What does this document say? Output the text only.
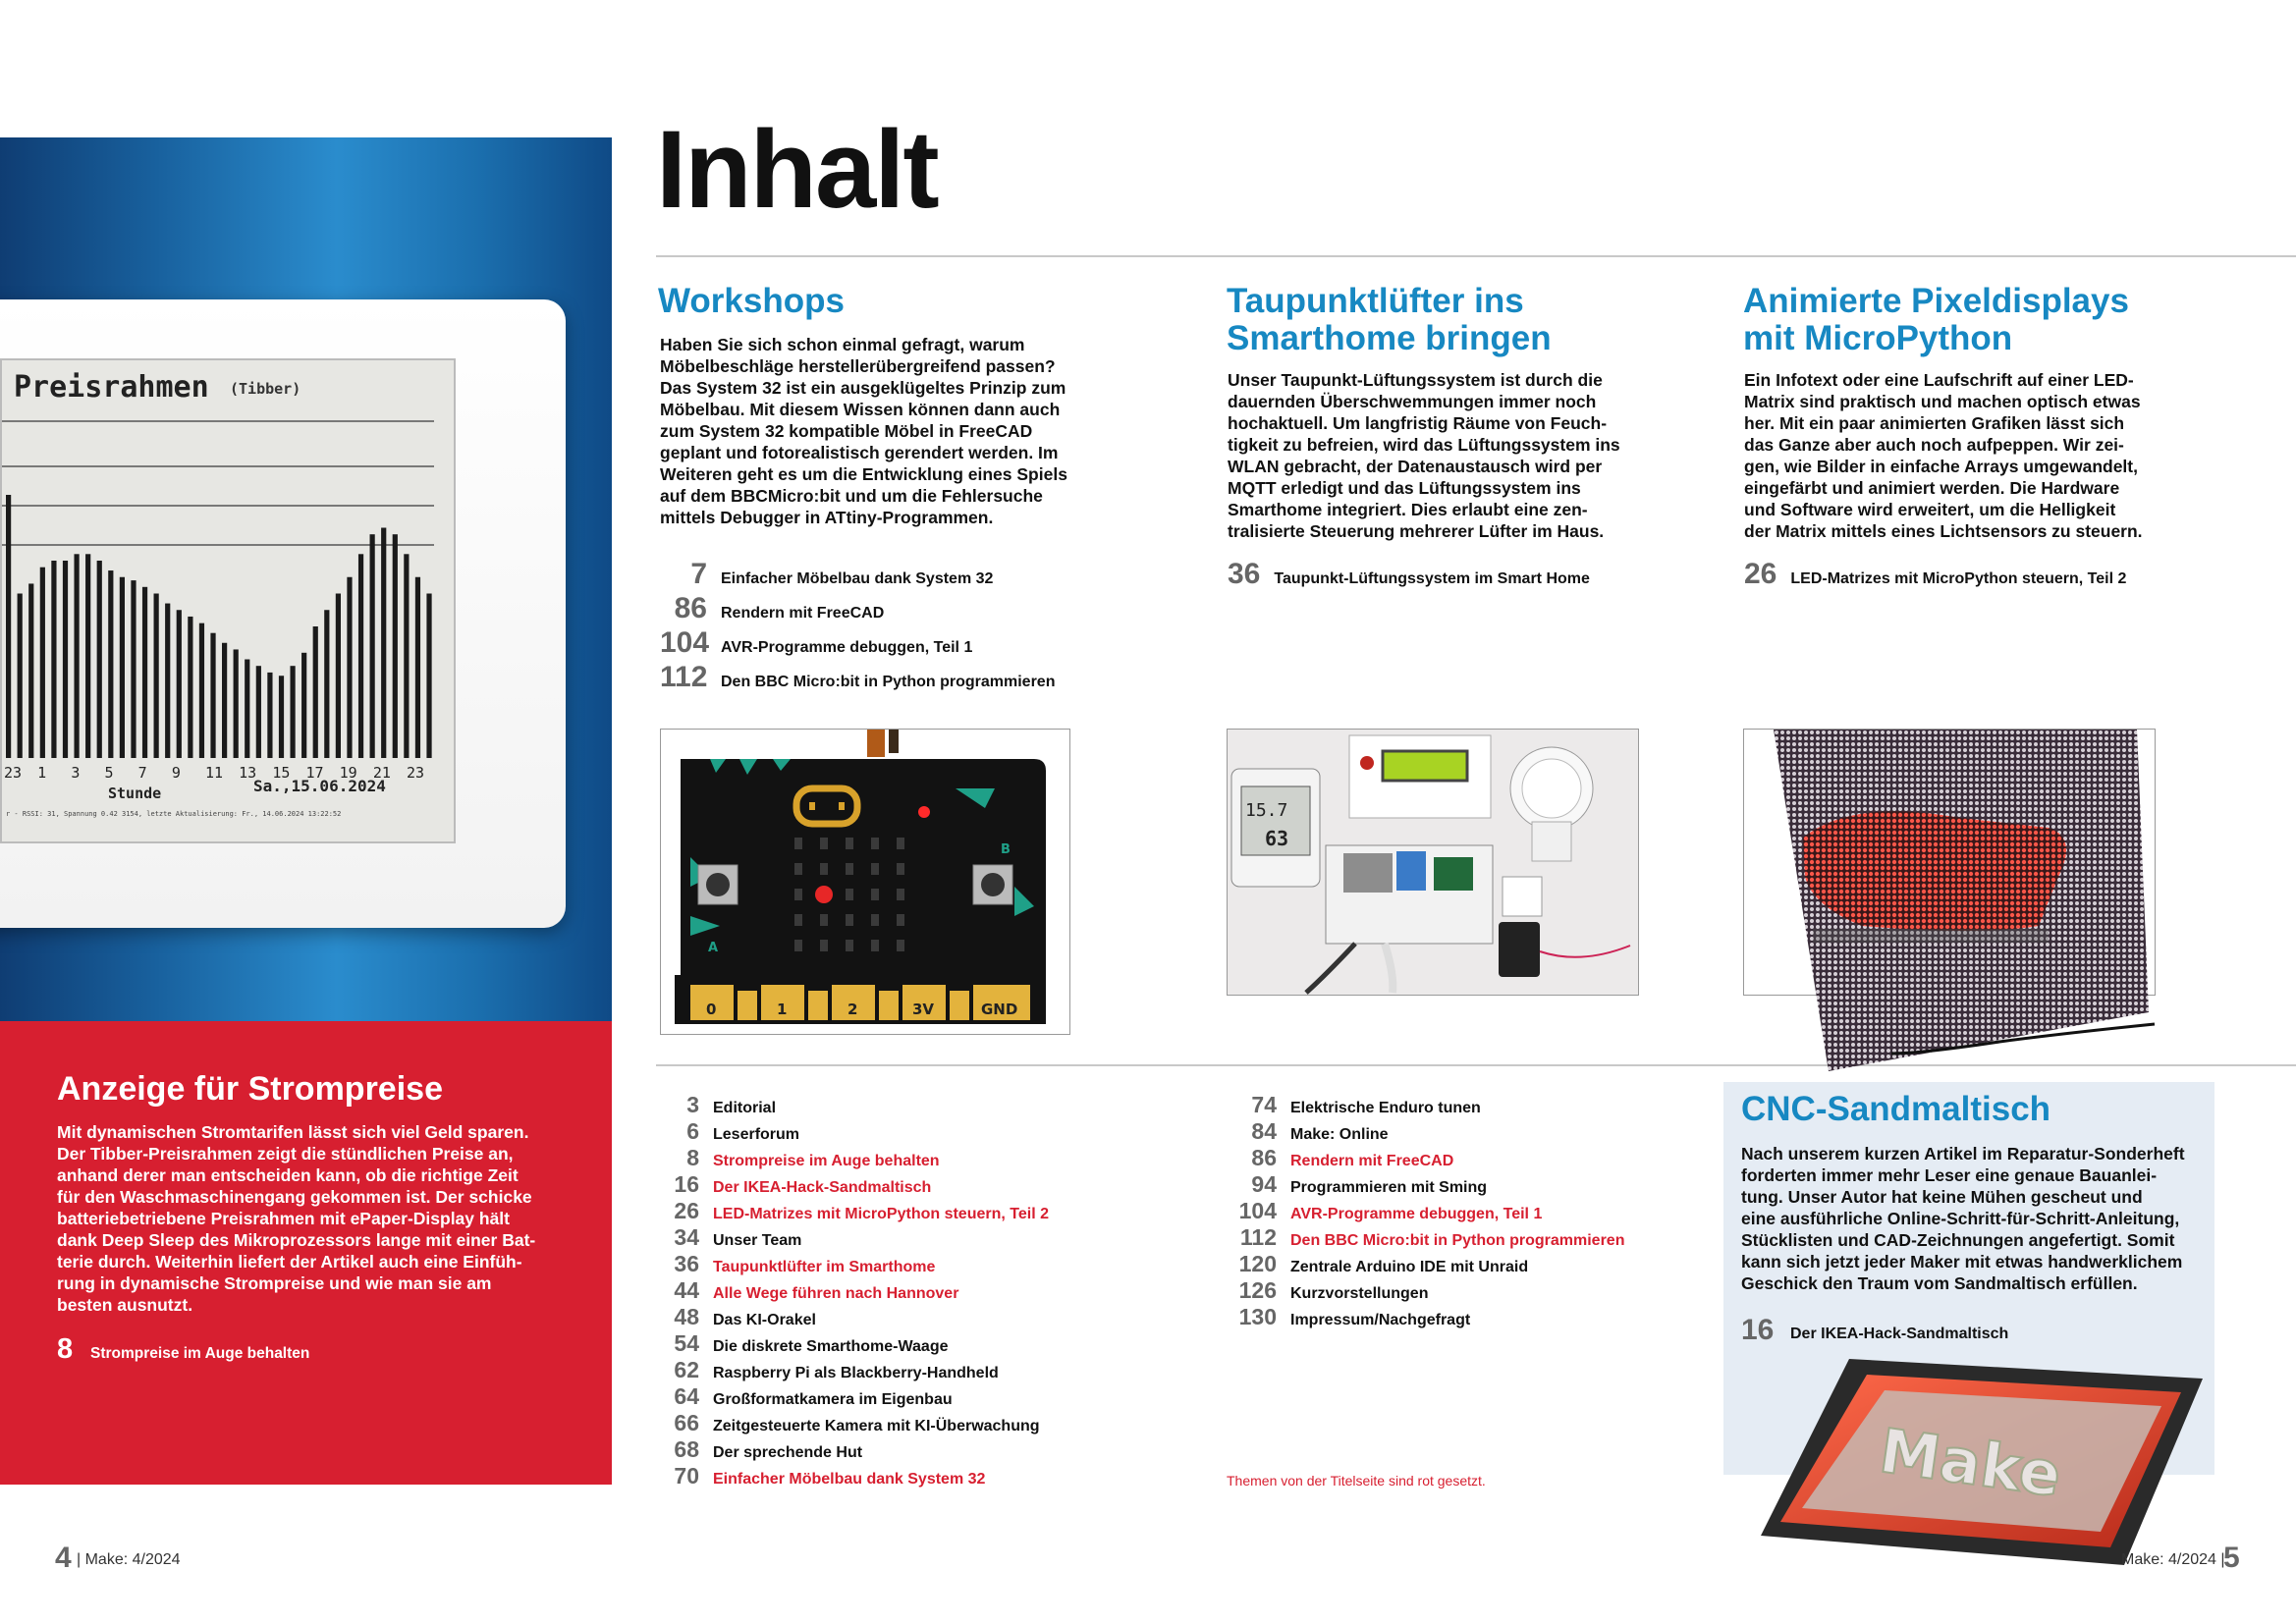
23 1 3 5 7 9 11 13 15 17 19 21 23
Preisrahmen (Tibber)
Stunde	Sa.,15.06.2024
r - RSSI: 31, Spannung 0.42 3154, letzte Aktualisierung: Fr., 14.06.2024 13:22:52
Anzeige für Strompreise
Mit dynamischen Stromtarifen lässt sich viel Geld sparen.
Der Tibber-Preisrahmen zeigt die stündlichen Preise an,
anhand derer man entscheiden kann, ob die richtige Zeit
für den Waschmaschinengang gekommen ist. Der schicke
batteriebetriebene Preisrahmen mit ePaper-Display hält
dank Deep Sleep des Mikroprozessors lange mit einer Bat-
terie durch. Weiterhin liefert der Artikel auch eine Einfüh-
rung in dynamische Strompreise und wie man sie am
besten ausnutzt.
8 Strompreise im Auge behalten
Inhalt
Workshops
Haben Sie sich schon einmal gefragt, warum
Möbelbeschläge herstellerübergreifend passen?
Das System 32 ist ein ausgeklügeltes Prinzip zum
Möbelbau. Mit diesem Wissen können dann auch
zum System 32 kompatible Möbel in FreeCAD
geplant und fotorealistisch gerendert werden. Im
Weiteren geht es um die Entwicklung eines Spiels
auf dem BBCMicro:bit und um die Fehlersuche
mittels Debugger in ATtiny-Programmen.
7 Einfacher Möbelbau dank System 32
86 Rendern mit FreeCAD
104 AVR-Programme debuggen, Teil 1
112 Den BBC Micro:bit in Python programmieren
0	1	2	3V	GND
A
B
Taupunktlüfter ins
Smarthome bringen
Unser Taupunkt-Lüftungssystem ist durch die
dauernden Überschwemmungen immer noch
hochaktuell. Um langfristig Räume von Feuch-
tigkeit zu befreien, wird das Lüftungssystem ins
WLAN gebracht, der Datenaustausch wird per
MQTT erledigt und das Lüftungssystem ins
Smarthome integriert. Dies erlaubt eine zen-
tralisierte Steuerung mehrerer Lüfter im Haus.
36 Taupunkt-Lüftungssystem im Smart Home
15.7
63
Animierte Pixeldisplays
mit MicroPython
Ein Infotext oder eine Laufschrift auf einer LED-
Matrix sind praktisch und machen optisch etwas
her. Mit ein paar animierten Grafiken lässt sich
das Ganze aber auch noch aufpeppen. Wir zei-
gen, wie Bilder in einfache Arrays umgewandelt,
eingefärbt und animiert werden. Die Hardware
und Software wird erweitert, um die Helligkeit
der Matrix mittels eines Lichtsensors zu steuern.
26 LED-Matrizes mit MicroPython steuern, Teil 2
3 Editorial
6 Leserforum
8 Strompreise im Auge behalten
16 Der IKEA-Hack-Sandmaltisch
26 LED-Matrizes mit MicroPython steuern, Teil 2
34 Unser Team
36 Taupunktlüfter im Smarthome
44 Alle Wege führen nach Hannover
48 Das KI-Orakel
54 Die diskrete Smarthome-Waage
62 Raspberry Pi als Blackberry-Handheld
64 Großformatkamera im Eigenbau
66 Zeitgesteuerte Kamera mit KI-Überwachung
68 Der sprechende Hut
70 Einfacher Möbelbau dank System 32
74 Elektrische Enduro tunen
84 Make: Online
86 Rendern mit FreeCAD
94 Programmieren mit Sming
104 AVR-Programme debuggen, Teil 1
112 Den BBC Micro:bit in Python programmieren
120 Zentrale Arduino IDE mit Unraid
126 Kurzvorstellungen
130 Impressum/Nachgefragt
Themen von der Titelseite sind rot gesetzt.
CNC-Sandmaltisch
Nach unserem kurzen Artikel im Reparatur-Sonderheft
forderten immer mehr Leser eine genaue Bauanlei-
tung. Unser Autor hat keine Mühen gescheut und
eine ausführliche Online-Schritt-für-Schritt-Anleitung,
Stücklisten und CAD-Zeichnungen angefertigt. Somit
kann sich jetzt jeder Maker mit etwas handwerklichem
Geschick den Traum vom Sandmaltisch erfüllen.
16 Der IKEA-Hack-Sandmaltisch
Make
4 | Make: 4/2024	Make: 4/2024 |
5
